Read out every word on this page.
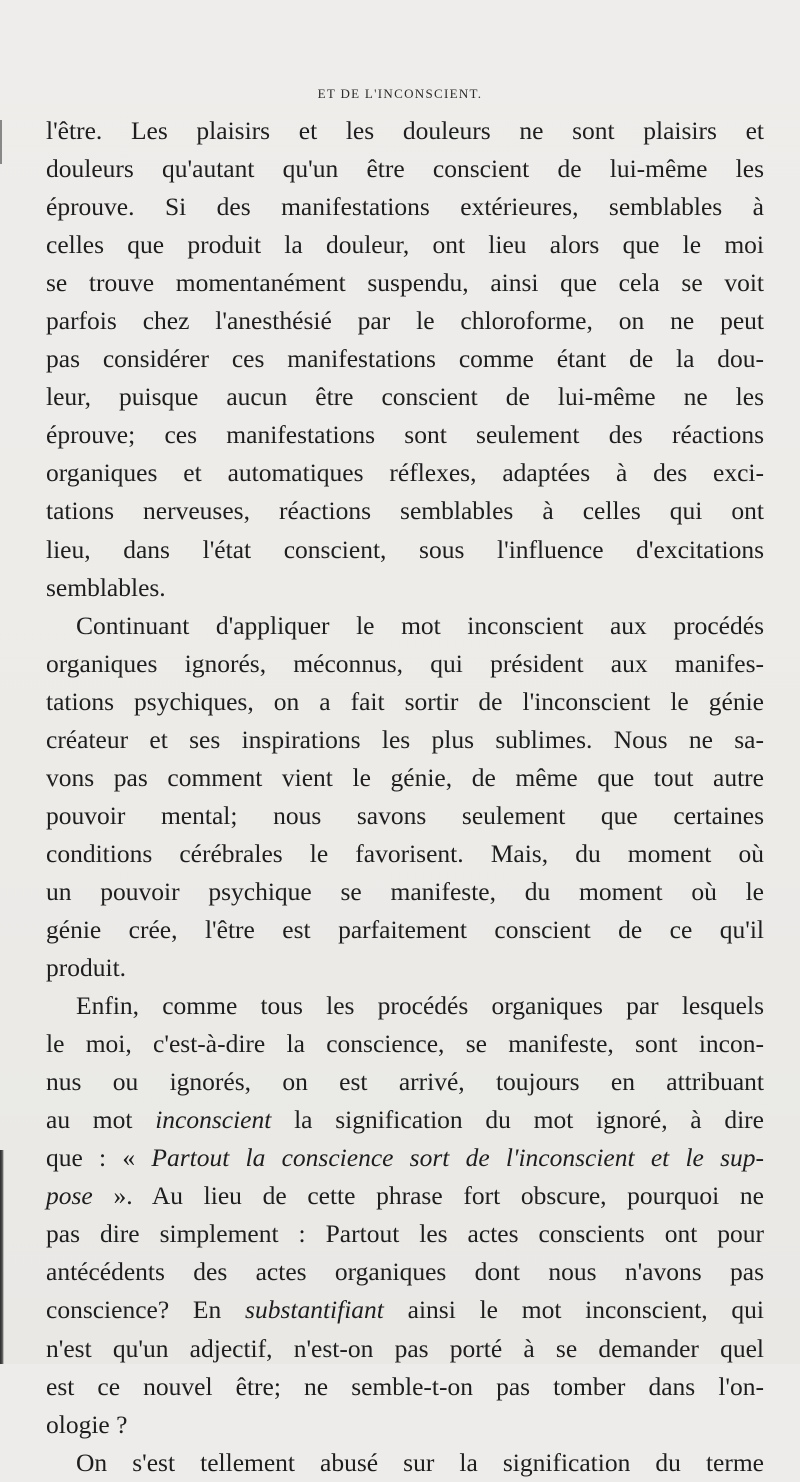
ET DE L'INCONSCIENT.
l'être. Les plaisirs et les douleurs ne sont plaisirs et
douleurs qu'autant qu'un être conscient de lui-même les
éprouve. Si des manifestations extérieures, semblables à
celles que produit la douleur, ont lieu alors que le moi
se trouve momentanément suspendu, ainsi que cela se voit
parfois chez l'anesthésié par le chloroforme, on ne peut
pas considérer ces manifestations comme étant de la dou-
leur, puisque aucun être conscient de lui-même ne les
éprouve; ces manifestations sont seulement des réactions
organiques et automatiques réflexes, adaptées à des exci-
tations nerveuses, réactions semblables à celles qui ont
lieu, dans l'état conscient, sous l'influence d'excitations
semblables.
Continuant d'appliquer le mot inconscient aux procédés
organiques ignorés, méconnus, qui président aux manifes-
tations psychiques, on a fait sortir de l'inconscient le génie
créateur et ses inspirations les plus sublimes. Nous ne sa-
vons pas comment vient le génie, de même que tout autre
pouvoir mental; nous savons seulement que certaines
conditions cérébrales le favorisent. Mais, du moment où
un pouvoir psychique se manifeste, du moment où le
génie crée, l'être est parfaitement conscient de ce qu'il
produit.
Enfin, comme tous les procédés organiques par lesquels
le moi, c'est-à-dire la conscience, se manifeste, sont incon-
nus ou ignorés, on est arrivé, toujours en attribuant
au mot inconscient la signification du mot ignoré, à dire
que : « Partout la conscience sort de l'inconscient et le sup-
pose ». Au lieu de cette phrase fort obscure, pourquoi ne
pas dire simplement : Partout les actes conscients ont pour
antécédents des actes organiques dont nous n'avons pas
conscience? En substantifiant ainsi le mot inconscient, qui
n'est qu'un adjectif, n'est-on pas porté à se demander quel
est ce nouvel être; ne semble-t-on pas tomber dans l'on-
ologie ?
On s'est tellement abusé sur la signification du terme
